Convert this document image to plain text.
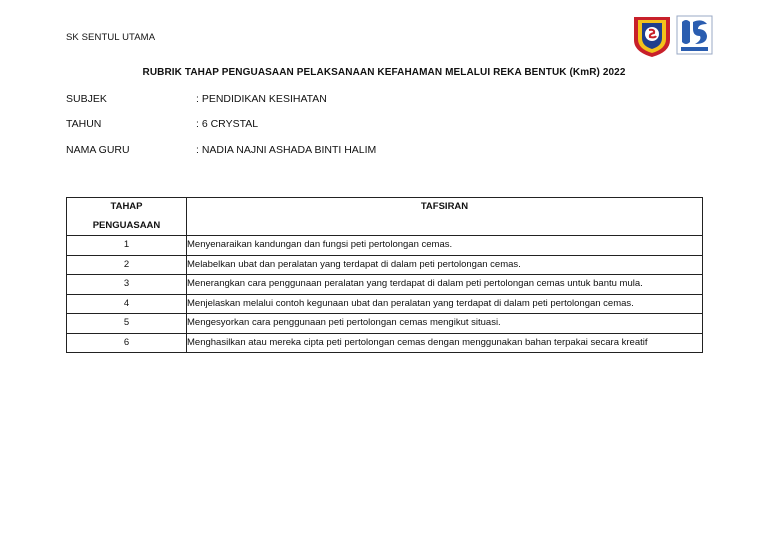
SK SENTUL UTAMA
RUBRIK TAHAP PENGUASAAN PELAKSANAAN KEFAHAMAN MELALUI REKA BENTUK (KmR) 2022
SUBJEK	: PENDIDIKAN KESIHATAN
TAHUN	: 6 CRYSTAL
NAMA GURU	: NADIA NAJNI ASHADA BINTI HALIM
TAHAP
PENGUASAAN	TAFSIRAN
1	Menyenaraikan kandungan dan fungsi peti pertolongan cemas.
2	Melabelkan ubat dan peralatan yang terdapat di dalam peti pertolongan cemas.
3	Menerangkan cara penggunaan peralatan yang terdapat di dalam peti pertolongan cemas untuk bantu mula.
4	Menjelaskan melalui contoh kegunaan ubat dan peralatan yang terdapat di dalam peti pertolongan cemas.
5	Mengesyorkan cara penggunaan peti pertolongan cemas mengikut situasi.
6	Menghasilkan atau mereka cipta peti pertolongan cemas dengan menggunakan bahan terpakai secara kreatif
